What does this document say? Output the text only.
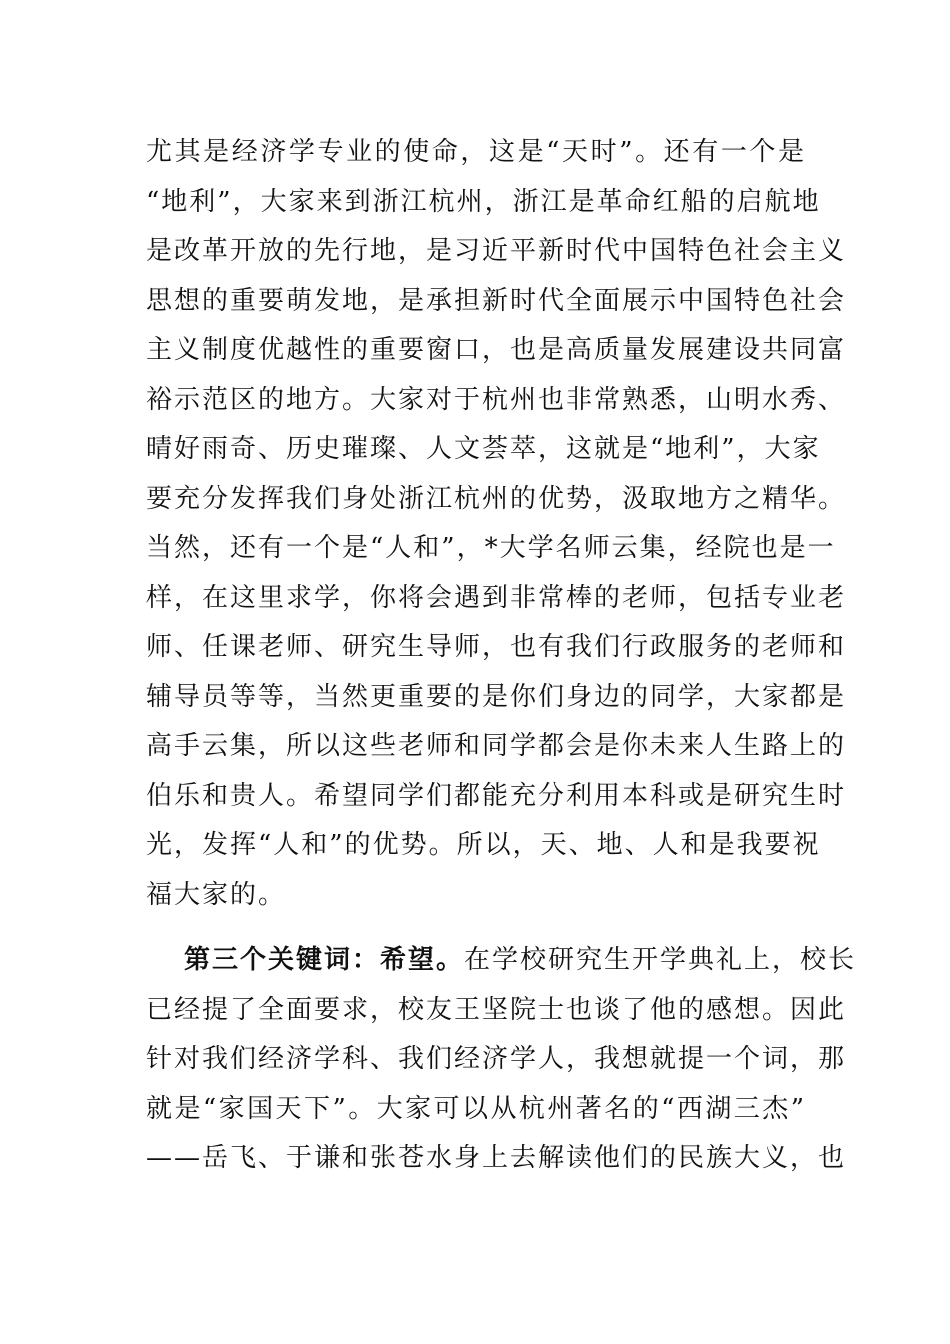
尤其是经济学专业的使命，这是“天时”。还有一个是
“地利”，大家来到浙江杭州，浙江是革命红船的启航地
是改革开放的先行地，是习近平新时代中国特色社会主义
思想的重要萌发地，是承担新时代全面展示中国特色社会
主义制度优越性的重要窗口，也是高质量发展建设共同富
裕示范区的地方。大家对于杭州也非常熟悉，山明水秀、
晴好雨奇、历史璀璨、人文荟萃，这就是“地利”，大家
要充分发挥我们身处浙江杭州的优势，汲取地方之精华。
当然，还有一个是“人和”，*大学名师云集，经院也是一
样，在这里求学，你将会遇到非常棒的老师，包括专业老
师、任课老师、研究生导师，也有我们行政服务的老师和
辅导员等等，当然更重要的是你们身边的同学，大家都是
高手云集，所以这些老师和同学都会是你未来人生路上的
伯乐和贵人。希望同学们都能充分利用本科或是研究生时
光，发挥“人和”的优势。所以，天、地、人和是我要祝
福大家的。
第三个关键词：希望。在学校研究生开学典礼上，校长
已经提了全面要求，校友王坚院士也谈了他的感想。因此
针对我们经济学科、我们经济学人，我想就提一个词，那
就是“家国天下”。大家可以从杭州著名的“西湖三杰”
——岳飞、于谦和张苍水身上去解读他们的民族大义，也
